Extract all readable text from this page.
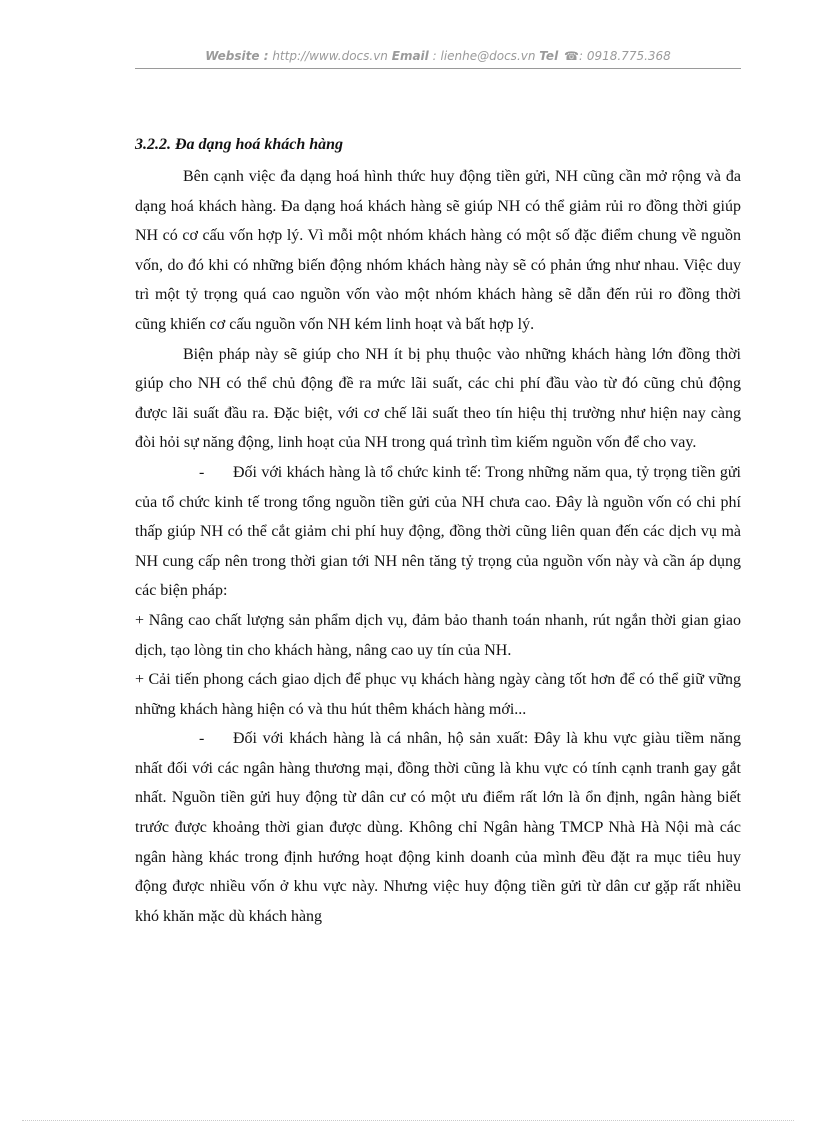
Website : http://www.docs.vn Email : lienhe@docs.vn Tel ☎: 0918.775.368
3.2.2. Đa dạng hoá khách hàng

Bên cạnh việc đa dạng hoá hình thức huy động tiền gửi, NH cũng cần mở rộng và đa dạng hoá khách hàng. Đa dạng hoá khách hàng sẽ giúp NH có thể giảm rủi ro đồng thời giúp NH có cơ cấu vốn hợp lý. Vì mỗi một nhóm khách hàng có một số đặc điểm chung về nguồn vốn, do đó khi có những biến động nhóm khách hàng này sẽ có phản ứng như nhau. Việc duy trì một tỷ trọng quá cao nguồn vốn vào một nhóm khách hàng sẽ dẫn đến rủi ro đồng thời cũng khiến cơ cấu nguồn vốn NH kém linh hoạt và bất hợp lý.

Biện pháp này sẽ giúp cho NH ít bị phụ thuộc vào những khách hàng lớn đồng thời giúp cho NH có thể chủ động đề ra mức lãi suất, các chi phí đầu vào từ đó cũng chủ động được lãi suất đầu ra. Đặc biệt, với cơ chế lãi suất theo tín hiệu thị trường như hiện nay càng đòi hỏi sự năng động, linh hoạt của NH trong quá trình tìm kiếm nguồn vốn để cho vay.

- Đối với khách hàng là tổ chức kinh tế: Trong những năm qua, tỷ trọng tiền gửi của tổ chức kinh tế trong tổng nguồn tiền gửi của NH chưa cao. Đây là nguồn vốn có chi phí thấp giúp NH có thể cắt giảm chi phí huy động, đồng thời cũng liên quan đến các dịch vụ mà NH cung cấp nên trong thời gian tới NH nên tăng tỷ trọng của nguồn vốn này và cần áp dụng các biện pháp:

+ Nâng cao chất lượng sản phẩm dịch vụ, đảm bảo thanh toán nhanh, rút ngắn thời gian giao dịch, tạo lòng tin cho khách hàng, nâng cao uy tín của NH.

+ Cải tiến phong cách giao dịch để phục vụ khách hàng ngày càng tốt hơn để có thể giữ vững những khách hàng hiện có và thu hút thêm khách hàng mới...

- Đối với khách hàng là cá nhân, hộ sản xuất: Đây là khu vực giàu tiềm năng nhất đối với các ngân hàng thương mại, đồng thời cũng là khu vực có tính cạnh tranh gay gắt nhất. Nguồn tiền gửi huy động từ dân cư có một ưu điểm rất lớn là ổn định, ngân hàng biết trước được khoảng thời gian được dùng. Không chỉ Ngân hàng TMCP Nhà Hà Nội mà các ngân hàng khác trong định hướng hoạt động kinh doanh của mình đều đặt ra mục tiêu huy động được nhiều vốn ở khu vực này. Nhưng việc huy động tiền gửi từ dân cư gặp rất nhiều khó khăn mặc dù khách hàng
